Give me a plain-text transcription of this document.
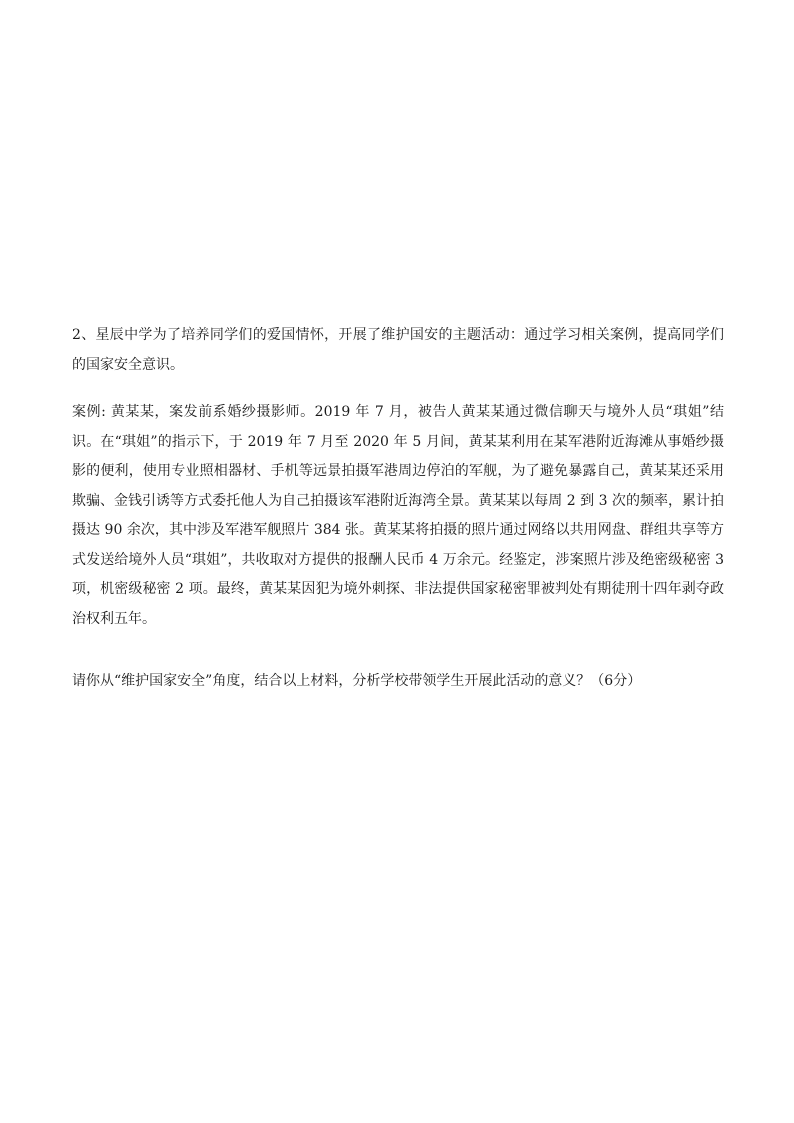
2、星辰中学为了培养同学们的爱国情怀，开展了维护国安的主题活动：通过学习相关案例，提高同学们的国家安全意识。

案例: 黄某某，案发前系婚纱摄影师。2019 年 7 月，被告人黄某某通过微信聊天与境外人员“琪姐”结识。在“琪姐”的指示下，于 2019 年 7 月至 2020 年 5 月间，黄某某利用在某军港附近海滩从事婚纱摄影的便利，使用专业照相器材、手机等远景拍摄军港周边停泊的军舰，为了避免暴露自己，黄某某还采用欺骗、金钱引诱等方式委托他人为自己拍摄该军港附近海湾全景。黄某某以每周 2 到 3 次的频率，累计拍摄达 90 余次，其中涉及军港军舰照片 384 张。黄某某将拍摄的照片通过网络以共用网盘、群组共享等方式发送给境外人员“琪姐”，共收取对方提供的报酬人民币 4 万余元。经鉴定，涉案照片涉及绝密级秘密 3 项，机密级秘密 2 项。最终，黄某某因犯为境外刺探、非法提供国家秘密罪被判处有期徒刑十四年剥夺政治权利五年。

请你从“维护国家安全”角度，结合以上材料，分析学校带领学生开展此活动的意义？（6分）
